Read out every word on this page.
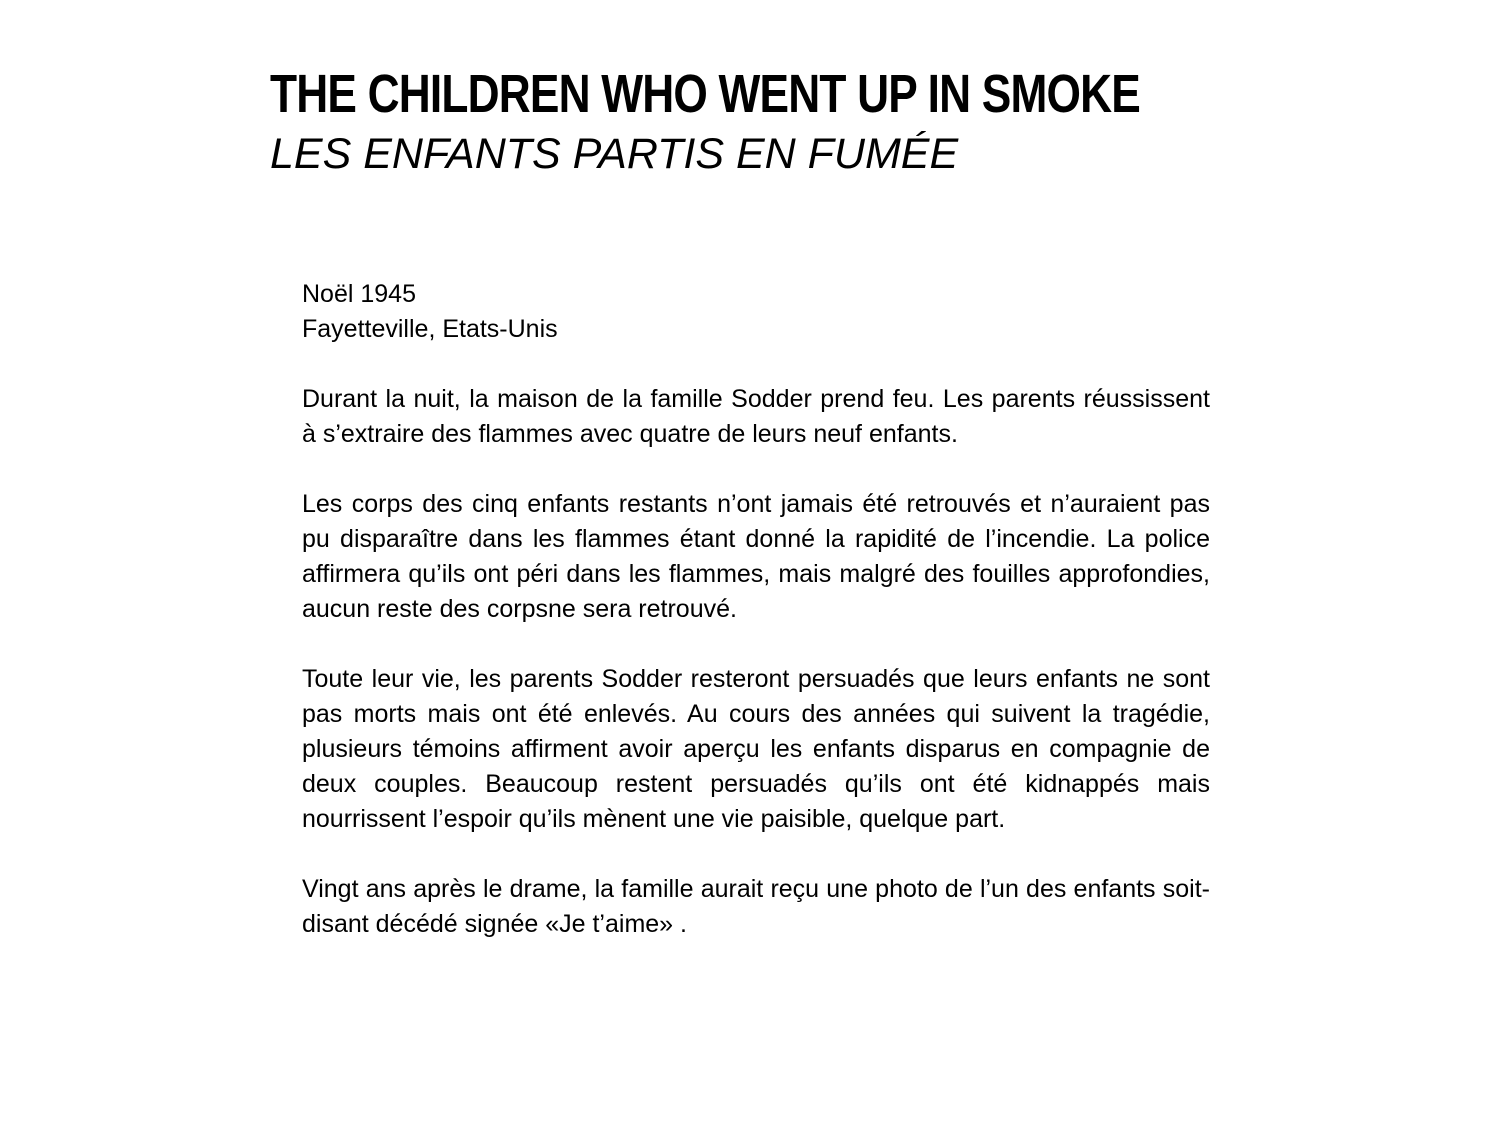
THE CHILDREN WHO WENT UP IN SMOKE
LES ENFANTS PARTIS EN FUMÉE

Noël 1945

Fayetteville, Etats-Unis

Durant la nuit, la maison de la famille Sodder prend feu. Les parents réussissent à s’extraire des flammes avec quatre de leurs neuf enfants.

Les corps des cinq enfants restants n’ont jamais été retrouvés et n’auraient pas pu disparaître dans les flammes étant donné la rapidité de l’incendie. La police affirmera qu’ils ont péri dans les flammes, mais malgré des fouilles approfondies, aucun reste des corpsne sera retrouvé.

Toute leur vie, les parents Sodder resteront persuadés que leurs enfants ne sont pas morts mais ont été enlevés. Au cours des années qui suivent la tragédie, plusieurs témoins affirment avoir aperçu les enfants disparus en compagnie de deux couples. Beaucoup restent persuadés qu’ils ont été kidnappés mais nourrissent l’espoir qu’ils mènent une vie paisible, quelque part.

Vingt ans après le drame, la famille aurait reçu une photo de l’un des enfants soit-disant décédé signée «Je t’aime» .
